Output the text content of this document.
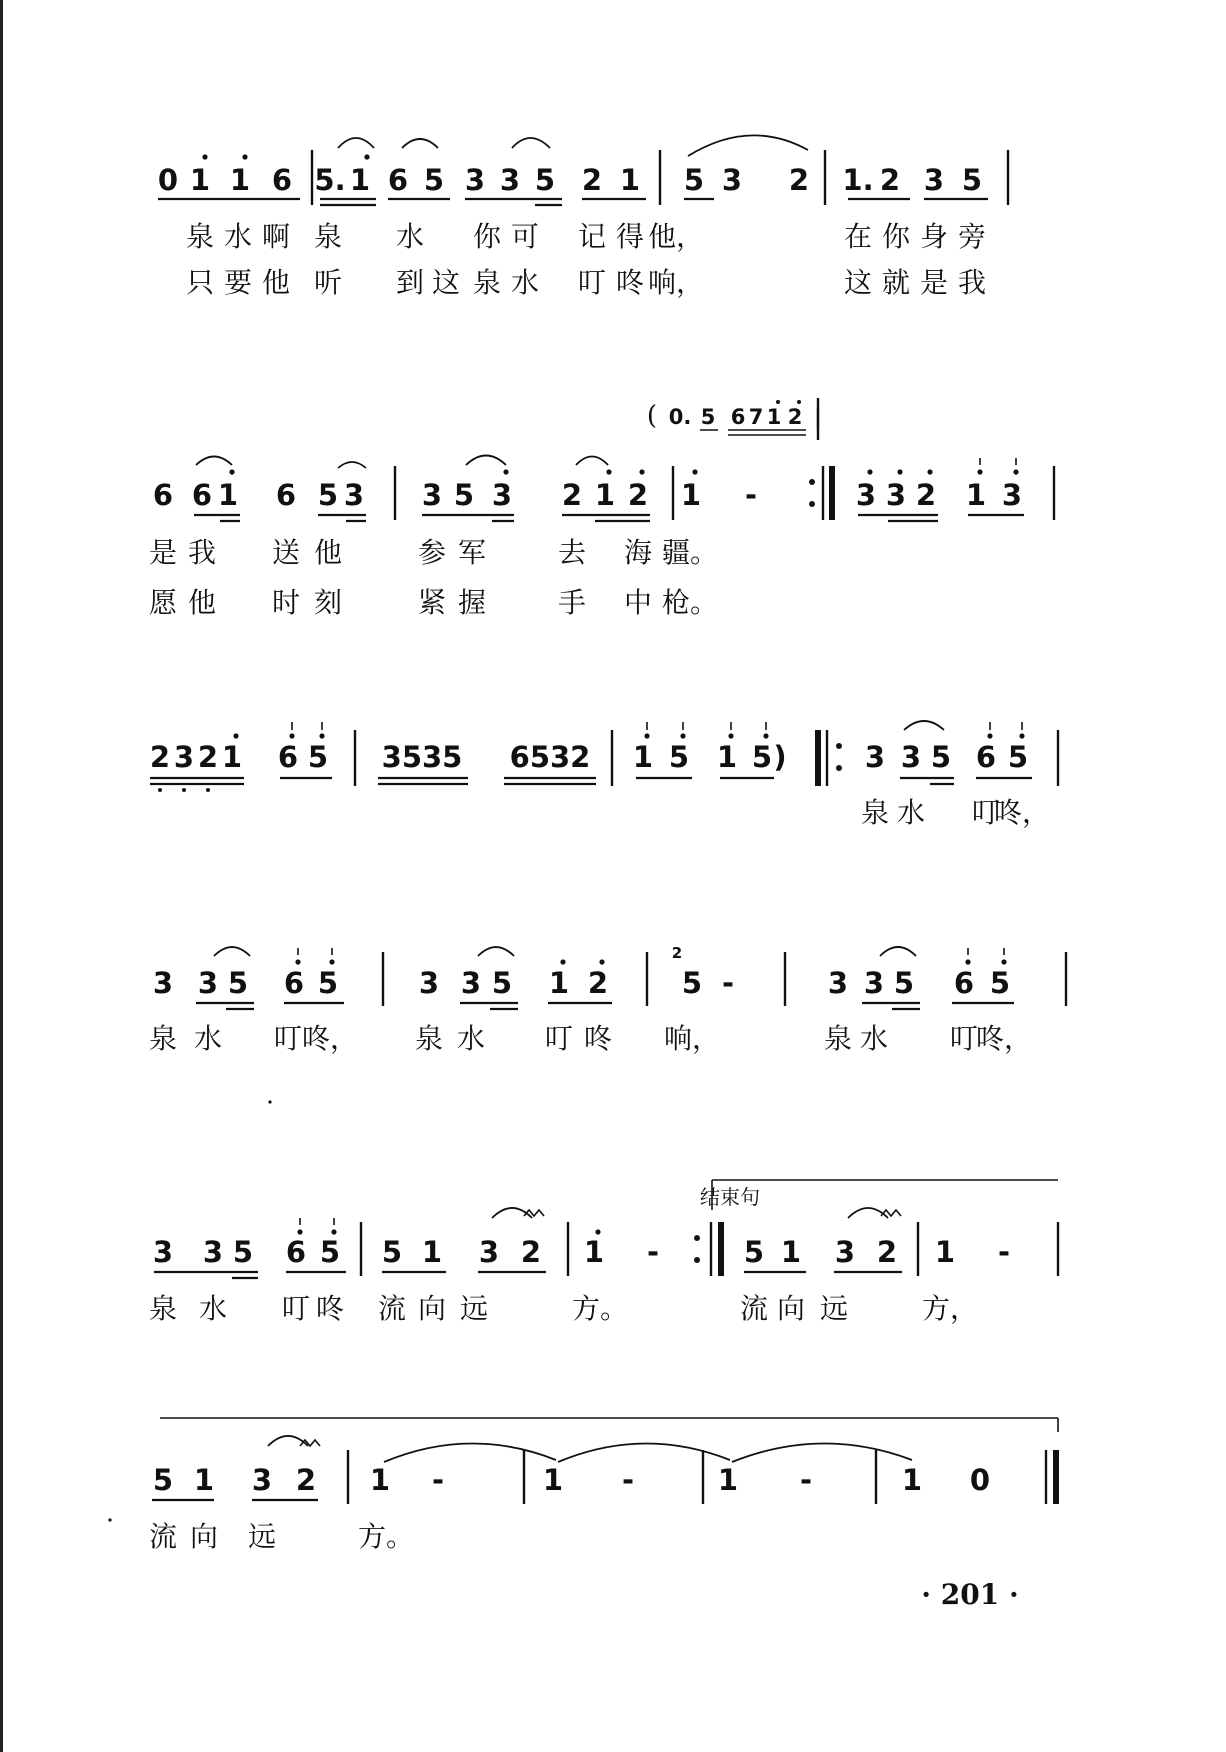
0 1 1 6 5. 1 6 5 3 3 5 2 1 5 3 2 1. 2 3 5
泉 水 啊 泉 水 你 可 记 得 他，	在 你 身 旁
只 要 他 听 到 这 泉 水 叮 咚 响，	这 就 是 我
6 6 1 6 5 3 3 5 3 2 1 2 1 -	3 3 2 1 3
是 我 送 他	参 军	去 海 疆。
愿 他 时 刻	紧 握	手 中 枪。
( 0. 5 6 7 1 2 |
2 3 2 1 6 5 3535 6532 1 5 1 5 )	3 3 5 6 5
泉 水 叮
咚，
3 3 5 6 5	3 3 5 1 2	5 -	3 3 5 6 5
泉 水 叮 咚， 泉 水 叮 咚 响，	泉 水 叮
咚，
2
3 3 5 6 5 5 1 3 2 1 -	5 1 3 2 1 -
泉 水 叮 咚 流 向 远	方。	流 向 远	方，
5 1 3 2 1 -	1 -	1 -	1 0
流 向 远	方。
结束句
· 201 ·
